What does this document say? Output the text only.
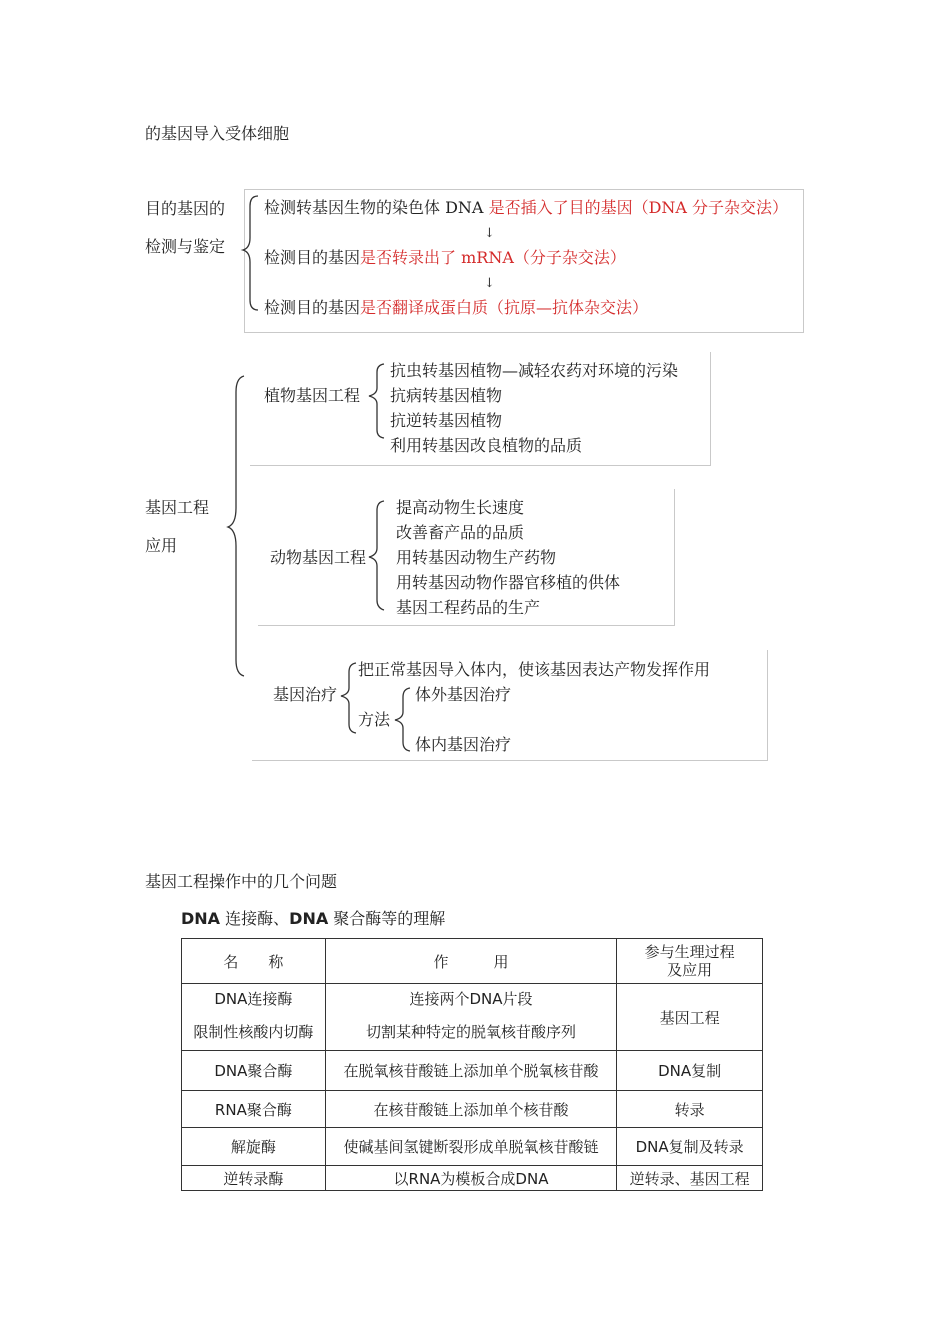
的基因导入受体细胞
目的基因的
检测与鉴定
检测转基因生物的染色体 DNA 是否插入了目的基因（DNA 分子杂交法）
↓
检测目的基因是否转录出了 mRNA（分子杂交法）
↓
检测目的基因是否翻译成蛋白质（抗原—抗体杂交法）
基因工程
应用
植物基因工程
抗虫转基因植物—减轻农药对环境的污染
抗病转基因植物
抗逆转基因植物
利用转基因改良植物的品质
动物基因工程
提高动物生长速度
改善畜产品的品质
用转基因动物生产药物
用转基因动物作器官移植的供体
基因工程药品的生产
基因治疗
把正常基因导入体内，使该基因表达产物发挥作用
方法
体外基因治疗
体内基因治疗
基因工程操作中的几个问题
DNA 连接酶、DNA 聚合酶等的理解
名　　称	作　　　用	参与生理过程
及应用

DNA连接酶	连接两个DNA片段	基因工程
限制性核酸内切酶	切割某种特定的脱氧核苷酸序列	
DNA聚合酶	在脱氧核苷酸链上添加单个脱氧核苷酸	DNA复制
RNA聚合酶	在核苷酸链上添加单个核苷酸	转录
解旋酶	使碱基间氢键断裂形成单脱氧核苷酸链	DNA复制及转录
逆转录酶	以RNA为模板合成DNA	逆转录、基因工程
